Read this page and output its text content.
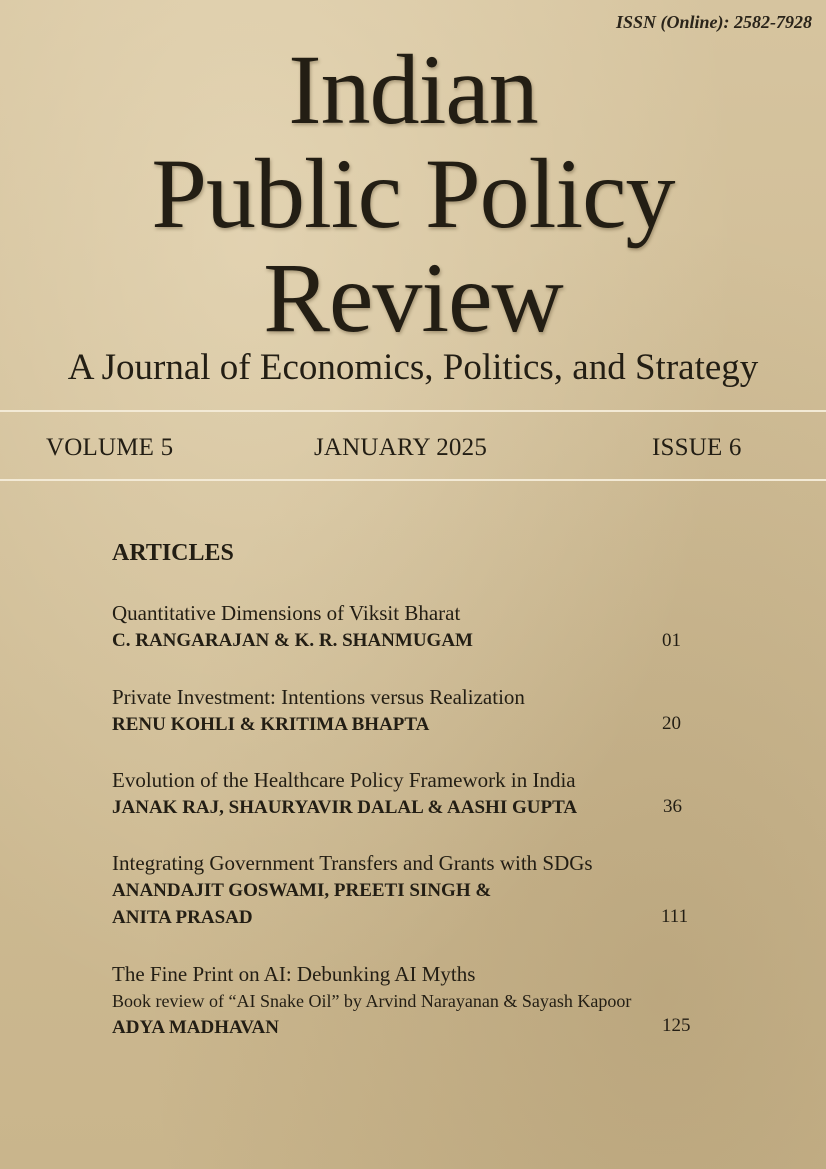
ISSN (Online): 2582-7928
Indian
Public Policy
Review
A Journal of Economics, Politics, and Strategy
VOLUME 5	JANUARY 2025	ISSUE 6
ARTICLES
Quantitative Dimensions of Viksit Bharat
C. RANGARAJAN & K. R. SHANMUGAM	01
Private Investment: Intentions versus Realization
RENU KOHLI & KRITIMA BHAPTA	20
Evolution of the Healthcare Policy Framework in India
JANAK RAJ, SHAURYAVIR DALAL & AASHI GUPTA	36
Integrating Government Transfers and Grants with SDGs
ANANDAJIT GOSWAMI, PREETI SINGH &
ANITA PRASAD	111
The Fine Print on AI: Debunking AI Myths
Book review of “AI Snake Oil” by Arvind Narayanan & Sayash Kapoor
ADYA MADHAVAN	125
